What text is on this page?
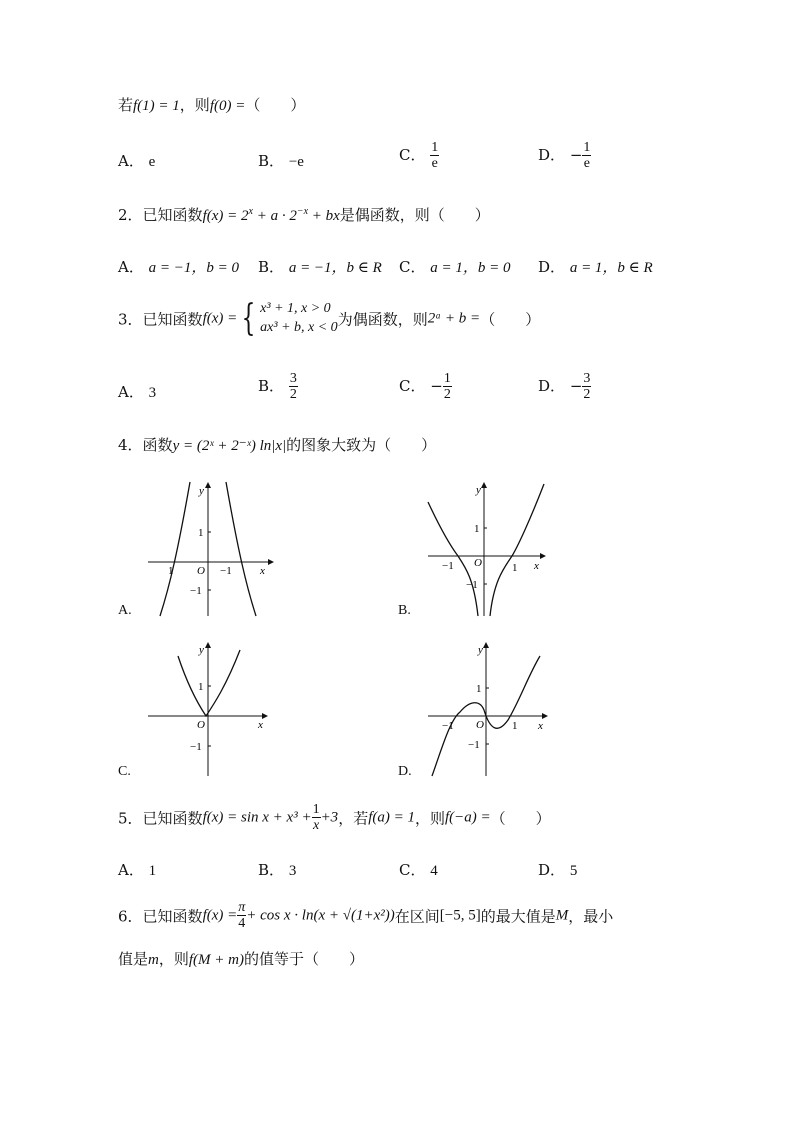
若f(1) = 1，则f(0) =（　　）
A． e	B． −e	C． $\frac{1}{e}$	D． − $\frac{1}{e}$
2．已知函数$f(x) = 2^x + a \cdot 2^{-x}$ + bx是偶函数，则（　　）
A． a = −1，b = 0 B． a = −1，b ∈ R C． a = 1，b = 0 D． a = 1，b ∈ R
3．已知函数f(x) = { x³ + 1, x > 0
ax³ + b, x < 0 为偶函数，则2ᵃ + b =（　　）
A． 3	B． $\frac{3}{2}$	C． − $\frac{1}{2}$	D． − $\frac{3}{2}$
4．函数y = (2ˣ + 2⁻ˣ) ln|x|的图象大致为（　　）
1 O −1	x
y
1
−1
A.
−1 O	1 x
y
1
−1
B.
O	x
y
1
−1
C.
−1 O	1 x
y
1
−1
D.
5．已知函数$f(x) = \sin x + x^3 + \frac{1}{x} +3$，若f(a) = 1，则f(−a) =（　　）
A． 1	B． 3	C． 4	D． 5
6．已知函数$f(x) = \frac{\pi}{4} + \cos x \cdot \ln(x + √(1+x^2))$在区间[−5, 5]的最大值是M，最小
值是m，则f(M + m)的值等于（　　）
